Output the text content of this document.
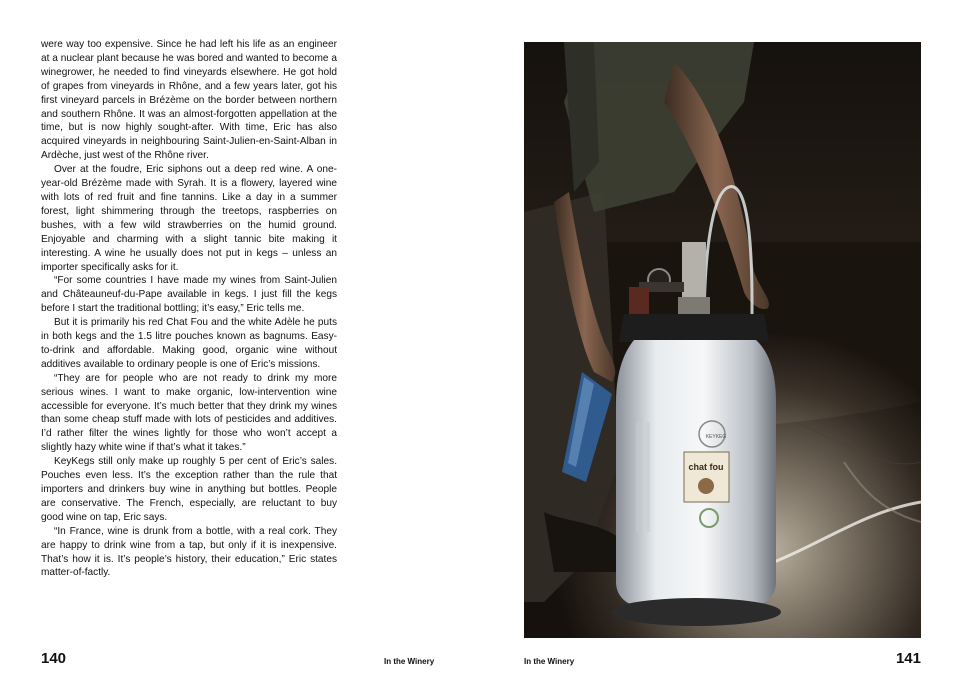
were way too expensive. Since he had left his life as an engineer at a nuclear plant because he was bored and wanted to become a winegrower, he needed to find vineyards elsewhere. He got hold of grapes from vineyards in Rhône, and a few years later, got his first vineyard parcels in Brézème on the border between northern and southern Rhône. It was an almost-forgotten appellation at the time, but is now highly sought-after. With time, Eric has also acquired vineyards in neighbouring Saint-Julien-en-Saint-Alban in Ardèche, just west of the Rhône river.

Over at the foudre, Eric siphons out a deep red wine. A one-year-old Brézème made with Syrah. It is a flowery, layered wine with lots of red fruit and fine tannins. Like a day in a summer forest, light shimmering through the treetops, raspberries on bushes, with a few wild strawberries on the humid ground. Enjoyable and charming with a slight tannic bite making it interesting. A wine he usually does not put in kegs – unless an importer specifically asks for it.

“For some countries I have made my wines from Saint-Julien and Châteauneuf-du-Pape available in kegs. I just fill the kegs before I start the traditional bottling; it’s easy,” Eric tells me.

But it is primarily his red Chat Fou and the white Adèle he puts in both kegs and the 1.5 litre pouches known as bagnums. Easy-to-drink and affordable. Making good, organic wine without additives available to ordinary people is one of Eric’s missions.

“They are for people who are not ready to drink my more serious wines. I want to make organic, low-intervention wine accessible for everyone. It’s much better that they drink my wines than some cheap stuff made with lots of pesticides and additives. I’d rather filter the wines lightly for those who won’t accept a slightly hazy white wine if that’s what it takes.”

KeyKegs still only make up roughly 5 per cent of Eric’s sales. Pouches even less. It’s the exception rather than the rule that importers and drinkers buy wine in anything but bottles. People are conservative. The French, especially, are reluctant to buy good wine on tap, Eric says.

“In France, wine is drunk from a bottle, with a real cork. They are happy to drink wine from a tap, but only if it is inexpensive. That’s how it is. It’s people’s history, their education,” Eric states matter-of-factly.

140	In the Winery
chat fou
KEYKEG
In the Winery	141
